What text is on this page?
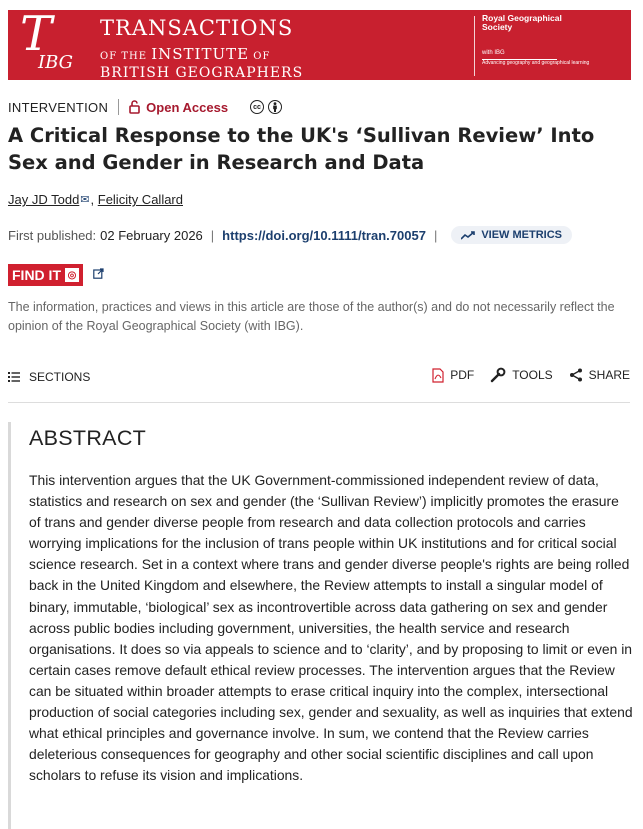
T
IBG
TRANSACTIONS
OF THE INSTITUTE OF
BRITISH GEOGRAPHERS
Royal Geographical Society
with IBG
Advancing geography and geographical learning
INTERVENTION	Open Access	cc
A Critical Response to the UK's ‘Sullivan Review’ Into Sex and Gender in Research and Data
Jay JD Todd ✉ , Felicity Callard
First published: 02 February 2026 | https://doi.org/10.1111/tran.70057 |	VIEW METRICS
FIND IT ◎

The information, practices and views in this article are those of the author(s) and do not necessarily reflect the opinion of the Royal Geographical Society (with IBG).

SECTIONS	PDF	TOOLS	SHARE
ABSTRACT

This intervention argues that the UK Government-commissioned independent review of data, statistics and research on sex and gender (the ‘Sullivan Review’) implicitly promotes the erasure of trans and gender diverse people from research and data collection protocols and carries worrying implications for the inclusion of trans people within UK institutions and for critical social science research. Set in a context where trans and gender diverse people's rights are being rolled back in the United Kingdom and elsewhere, the Review attempts to install a singular model of binary, immutable, ‘biological’ sex as incontrovertible across data gathering on sex and gender across public bodies including government, universities, the health service and research organisations. It does so via appeals to science and to ‘clarity’, and by proposing to limit or even in certain cases remove default ethical review processes. The intervention argues that the Review can be situated within broader attempts to erase critical inquiry into the complex, intersectional production of social categories including sex, gender and sexuality, as well as inquiries that extend what ethical principles and governance involve. In sum, we contend that the Review carries deleterious consequences for geography and other social scientific disciplines and call upon scholars to refuse its vision and implications.
